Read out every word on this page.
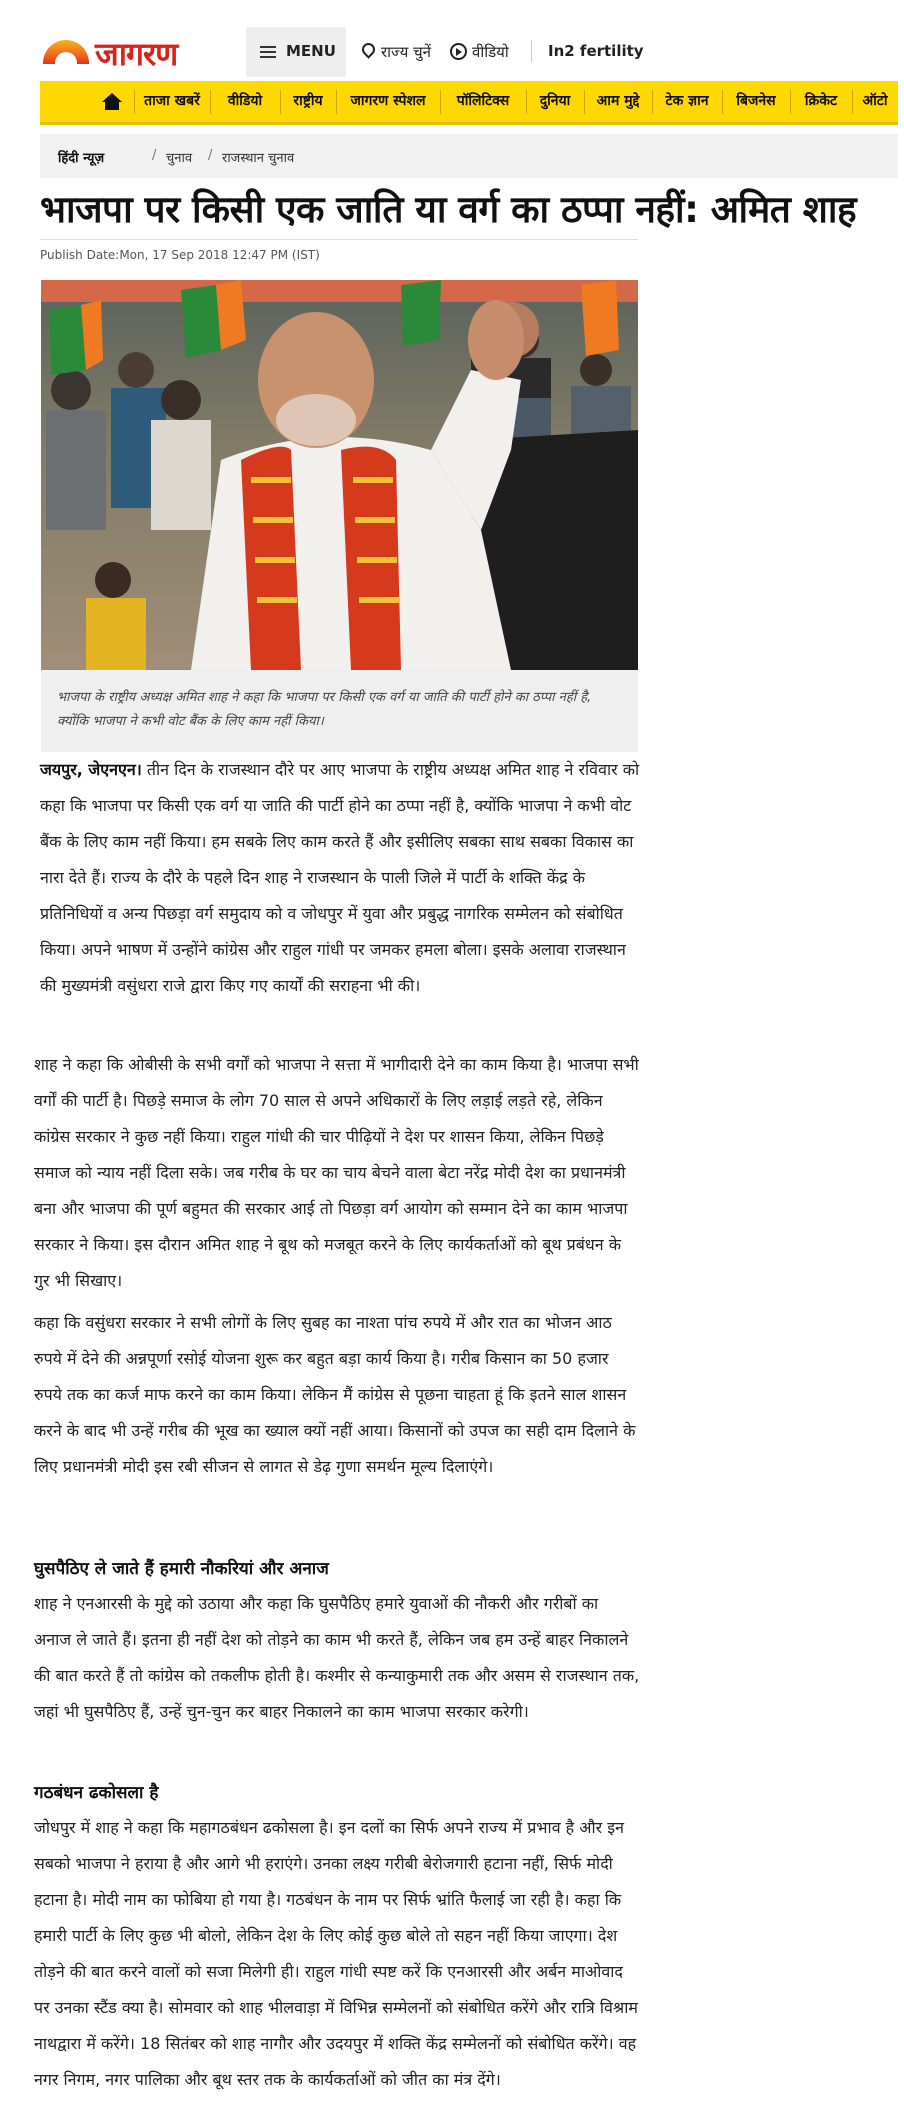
जागरण	MENU	राज्य चुनें	वीडियो	In2 fertility
ताजा खबरें	वीडियो	राष्ट्रीय	जागरण स्पेशल	पॉलिटिक्स	दुनिया	आम मुद्दे	टेक ज्ञान	बिजनेस	क्रिकेट	ऑटो
हिंदी न्यूज़	/ चुनाव / राजस्थान चुनाव
भाजपा पर किसी एक जाति या वर्ग का ठप्पा नहीं: अमित शाह
Publish Date:Mon, 17 Sep 2018 12:47 PM (IST)
भाजपा के राष्ट्रीय अध्यक्ष अमित शाह ने कहा कि भाजपा पर किसी एक वर्ग या जाति की पार्टी होने का ठप्पा नहीं है, क्योंकि भाजपा ने कभी वोट बैंक के लिए काम नहीं किया।
जयपुर, जेएनएन। तीन दिन के राजस्थान दौरे पर आए भाजपा के राष्ट्रीय अध्यक्ष अमित शाह ने रविवार को कहा कि भाजपा पर किसी एक वर्ग या जाति की पार्टी होने का ठप्पा नहीं है, क्योंकि भाजपा ने कभी वोट बैंक के लिए काम नहीं किया। हम सबके लिए काम करते हैं और इसीलिए सबका साथ सबका विकास का नारा देते हैं। राज्य के दौरे के पहले दिन शाह ने राजस्थान के पाली जिले में पार्टी के शक्ति केंद्र के प्रतिनिधियों व अन्य पिछड़ा वर्ग समुदाय को व जोधपुर में युवा और प्रबुद्ध नागरिक सम्मेलन को संबोधित किया। अपने भाषण में उन्होंने कांग्रेस और राहुल गांधी पर जमकर हमला बोला। इसके अलावा राजस्थान की मुख्यमंत्री वसुंधरा राजे द्वारा किए गए कार्यों की सराहना भी की।
शाह ने कहा कि ओबीसी के सभी वर्गों को भाजपा ने सत्ता में भागीदारी देने का काम किया है। भाजपा सभी वर्गों की पार्टी है। पिछड़े समाज के लोग 70 साल से अपने अधिकारों के लिए लड़ाई लड़ते रहे, लेकिन कांग्रेस सरकार ने कुछ नहीं किया। राहुल गांधी की चार पीढ़ियों ने देश पर शासन किया, लेकिन पिछड़े समाज को न्याय नहीं दिला सके। जब गरीब के घर का चाय बेचने वाला बेटा नरेंद्र मोदी देश का प्रधानमंत्री बना और भाजपा की पूर्ण बहुमत की सरकार आई तो पिछड़ा वर्ग आयोग को सम्मान देने का काम भाजपा सरकार ने किया। इस दौरान अमित शाह ने बूथ को मजबूत करने के लिए कार्यकर्ताओं को बूथ प्रबंधन के गुर भी सिखाए।
कहा कि वसुंधरा सरकार ने सभी लोगों के लिए सुबह का नाश्ता पांच रुपये में और रात का भोजन आठ रुपये में देने की अन्नपूर्णा रसोई योजना शुरू कर बहुत बड़ा कार्य किया है। गरीब किसान का 50 हजार रुपये तक का कर्ज माफ करने का काम किया। लेकिन मैं कांग्रेस से पूछना चाहता हूं कि इतने साल शासन करने के बाद भी उन्हें गरीब की भूख का ख्याल क्यों नहीं आया। किसानों को उपज का सही दाम दिलाने के लिए प्रधानमंत्री मोदी इस रबी सीजन से लागत से डेढ़ गुणा समर्थन मूल्य दिलाएंगे।
घुसपैठिए ले जाते हैं हमारी नौकरियां और अनाज
शाह ने एनआरसी के मुद्दे को उठाया और कहा कि घुसपैठिए हमारे युवाओं की नौकरी और गरीबों का अनाज ले जाते हैं। इतना ही नहीं देश को तोड़ने का काम भी करते हैं, लेकिन जब हम उन्हें बाहर निकालने की बात करते हैं तो कांग्रेस को तकलीफ होती है। कश्मीर से कन्याकुमारी तक और असम से राजस्थान तक, जहां भी घुसपैठिए हैं, उन्हें चुन-चुन कर बाहर निकालने का काम भाजपा सरकार करेगी।
गठबंधन ढकोसला है
जोधपुर में शाह ने कहा कि महागठबंधन ढकोसला है। इन दलों का सिर्फ अपने राज्य में प्रभाव है और इन सबको भाजपा ने हराया है और आगे भी हराएंगे। उनका लक्ष्य गरीबी बेरोजगारी हटाना नहीं, सिर्फ मोदी हटाना है। मोदी नाम का फोबिया हो गया है। गठबंधन के नाम पर सिर्फ भ्रांति फैलाई जा रही है। कहा कि हमारी पार्टी के लिए कुछ भी बोलो, लेकिन देश के लिए कोई कुछ बोले तो सहन नहीं किया जाएगा। देश तोड़ने की बात करने वालों को सजा मिलेगी ही। राहुल गांधी स्पष्ट करें कि एनआरसी और अर्बन माओवाद पर उनका स्टैंड क्या है। सोमवार को शाह भीलवाड़ा में विभिन्न सम्मेलनों को संबोधित करेंगे और रात्रि विश्राम नाथद्वारा में करेंगे। 18 सितंबर को शाह नागौर और उदयपुर में शक्ति केंद्र सम्मेलनों को संबोधित करेंगे। वह नगर निगम, नगर पालिका और बूथ स्तर तक के कार्यकर्ताओं को जीत का मंत्र देंगे।
